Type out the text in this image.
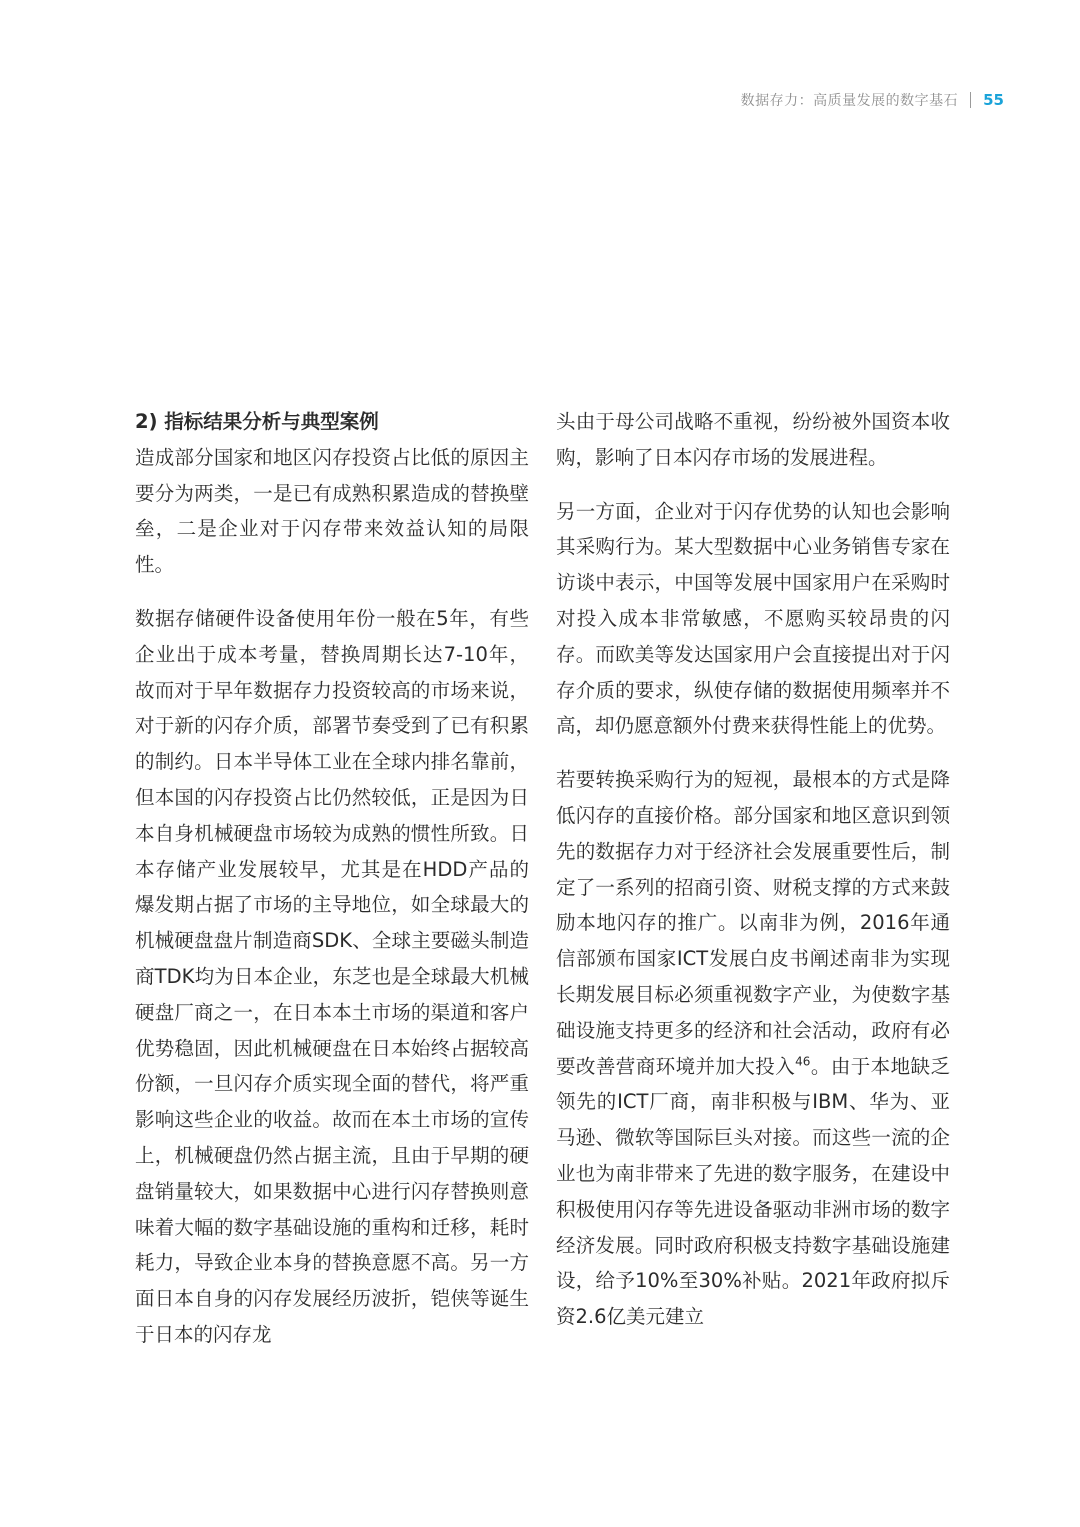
数据存力：高质量发展的数字基石 55
2) 指标结果分析与典型案例

造成部分国家和地区闪存投资占比低的原因主要分为两类，一是已有成熟积累造成的替换壁垒，二是企业对于闪存带来效益认知的局限性。

数据存储硬件设备使用年份一般在5年，有些企业出于成本考量，替换周期长达7-10年，故而对于早年数据存力投资较高的市场来说，对于新的闪存介质，部署节奏受到了已有积累的制约。日本半导体工业在全球内排名靠前，但本国的闪存投资占比仍然较低，正是因为日本自身机械硬盘市场较为成熟的惯性所致。日本存储产业发展较早，尤其是在HDD产品的爆发期占据了市场的主导地位，如全球最大的机械硬盘盘片制造商SDK、全球主要磁头制造商TDK均为日本企业，东芝也是全球最大机械硬盘厂商之一，在日本本土市场的渠道和客户优势稳固，因此机械硬盘在日本始终占据较高份额，一旦闪存介质实现全面的替代，将严重影响这些企业的收益。故而在本土市场的宣传上，机械硬盘仍然占据主流，且由于早期的硬盘销量较大，如果数据中心进行闪存替换则意味着大幅的数字基础设施的重构和迁移，耗时耗力，导致企业本身的替换意愿不高。另一方面日本自身的闪存发展经历波折，铠侠等诞生于日本的闪存龙

头由于母公司战略不重视，纷纷被外国资本收购，影响了日本闪存市场的发展进程。

另一方面，企业对于闪存优势的认知也会影响其采购行为。某大型数据中心业务销售专家在访谈中表示，中国等发展中国家用户在采购时对投入成本非常敏感，不愿购买较昂贵的闪存。而欧美等发达国家用户会直接提出对于闪存介质的要求，纵使存储的数据使用频率并不高，却仍愿意额外付费来获得性能上的优势。

若要转换采购行为的短视，最根本的方式是降低闪存的直接价格。部分国家和地区意识到领先的数据存力对于经济社会发展重要性后，制定了一系列的招商引资、财税支撑的方式来鼓励本地闪存的推广。以南非为例，2016年通信部颁布国家ICT发展白皮书阐述南非为实现长期发展目标必须重视数字产业，为使数字基础设施支持更多的经济和社会活动，政府有必要改善营商环境并加大投入$^{46}$。由于本地缺乏领先的ICT厂商，南非积极与IBM、华为、亚马逊、微软等国际巨头对接。而这些一流的企业也为南非带来了先进的数字服务，在建设中积极使用闪存等先进设备驱动非洲市场的数字经济发展。同时政府积极支持数字基础设施建设，给予10%至30%补贴。2021年政府拟斥资2.6亿美元建立
